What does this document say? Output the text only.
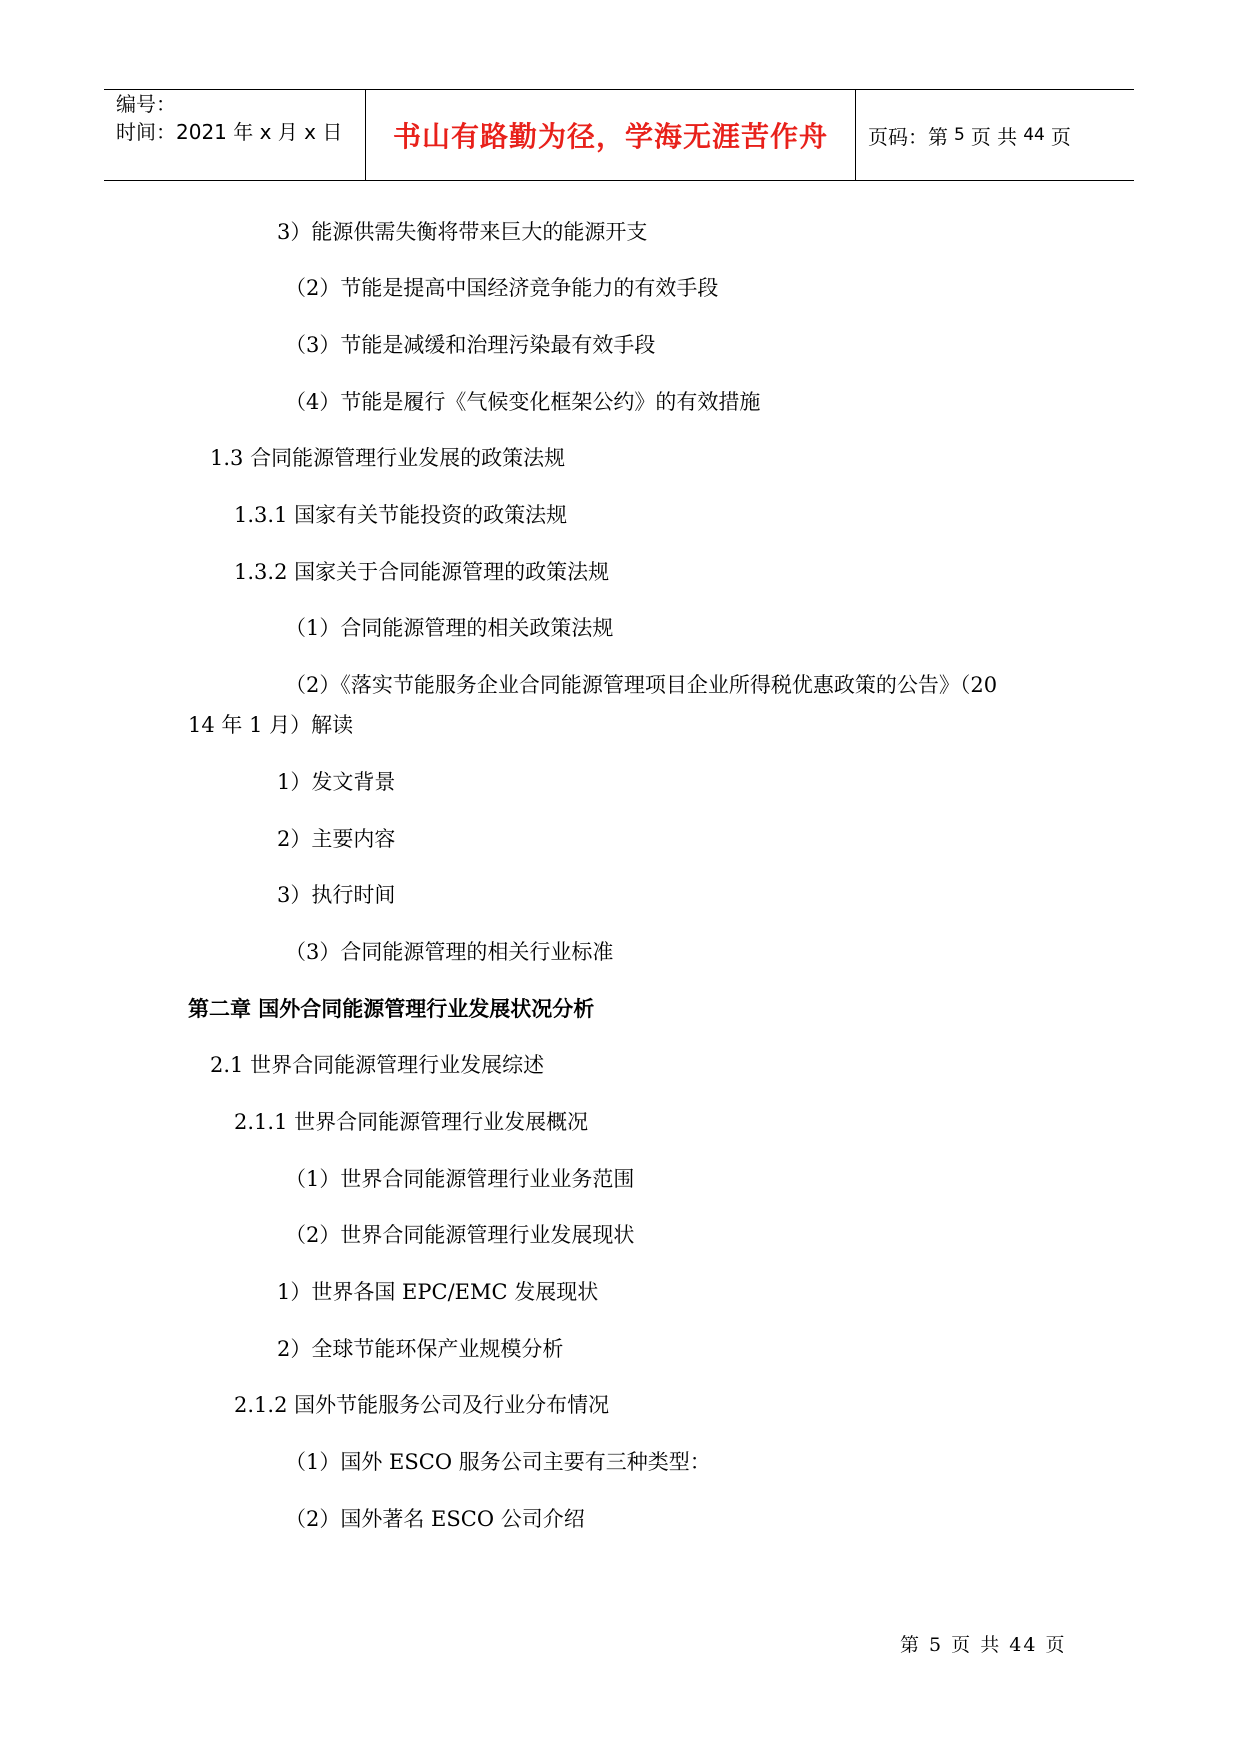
编号：
时间：2021 年 x 月 x 日	书山有路勤为径，学海无涯苦作舟	页码：第 5 页 共 44 页
3）能源供需失衡将带来巨大的能源开支
（2）节能是提高中国经济竞争能力的有效手段
（3）节能是减缓和治理污染最有效手段
（4）节能是履行《气候变化框架公约》的有效措施
1.3 合同能源管理行业发展的政策法规
1.3.1 国家有关节能投资的政策法规
1.3.2 国家关于合同能源管理的政策法规
（1）合同能源管理的相关政策法规
（2）《落实节能服务企业合同能源管理项目企业所得税优惠政策的公告》（20
14 年 1 月）解读
1）发文背景
2）主要内容
3）执行时间
（3）合同能源管理的相关行业标准
第二章 国外合同能源管理行业发展状况分析
2.1 世界合同能源管理行业发展综述
2.1.1 世界合同能源管理行业发展概况
（1）世界合同能源管理行业业务范围
（2）世界合同能源管理行业发展现状
1）世界各国 EPC/EMC 发展现状
2）全球节能环保产业规模分析
2.1.2 国外节能服务公司及行业分布情况
（1）国外 ESCO 服务公司主要有三种类型：
（2）国外著名 ESCO 公司介绍
第 5 页 共 44 页
